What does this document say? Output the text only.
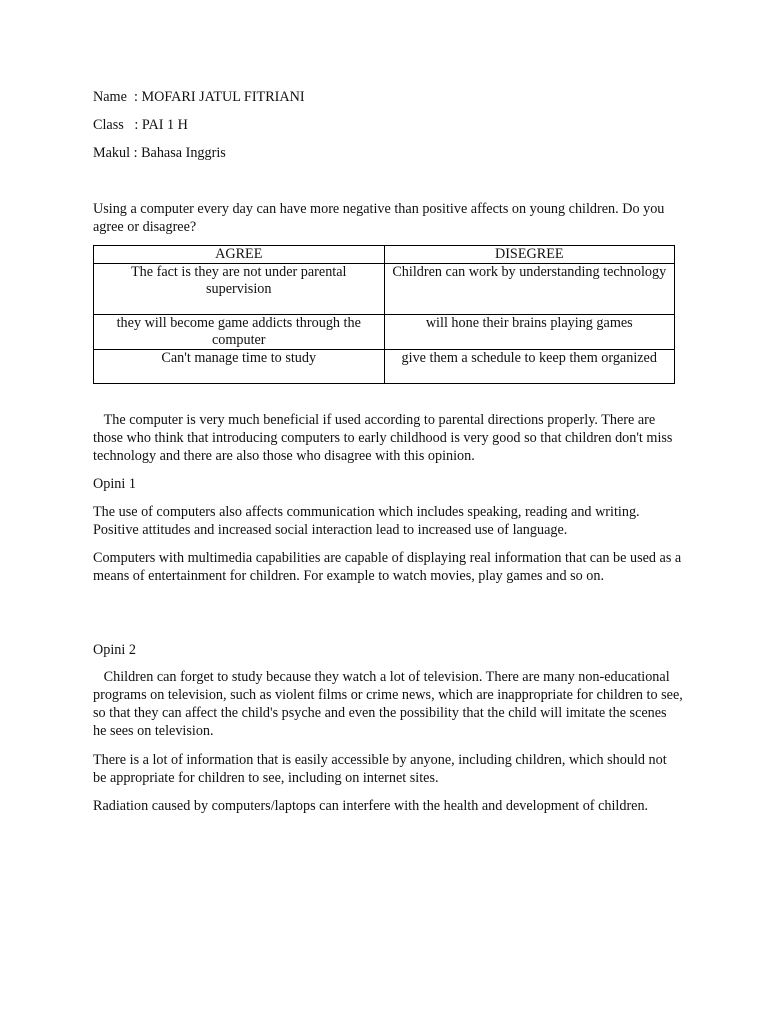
Name  : MOFARI JATUL FITRIANI
Class   : PAI 1 H
Makul : Bahasa Inggris

Using a computer every day can have more negative than positive affects on young children. Do you agree or disagree?

AGREE	DISEGREE
The fact is they are not under parental supervision	Children can work by understanding technology
they will become game addicts through the computer	will hone their brains playing games
Can't manage time to study	give them a schedule to keep them organized
The computer is very much beneficial if used according to parental directions properly. There are those who think that introducing computers to early childhood is very good so that children don't miss technology and there are also those who disagree with this opinion.
Opini 1
The use of computers also affects communication which includes speaking, reading and writing. Positive attitudes and increased social interaction lead to increased use of language.
Computers with multimedia capabilities are capable of displaying real information that can be used as a means of entertainment for children. For example to watch movies, play games and so on.
Opini 2
Children can forget to study because they watch a lot of television. There are many non-educational programs on television, such as violent films or crime news, which are inappropriate for children to see, so that they can affect the child's psyche and even the possibility that the child will imitate the scenes he sees on television.
There is a lot of information that is easily accessible by anyone, including children, which should not be appropriate for children to see, including on internet sites.
Radiation caused by computers/laptops can interfere with the health and development of children.
